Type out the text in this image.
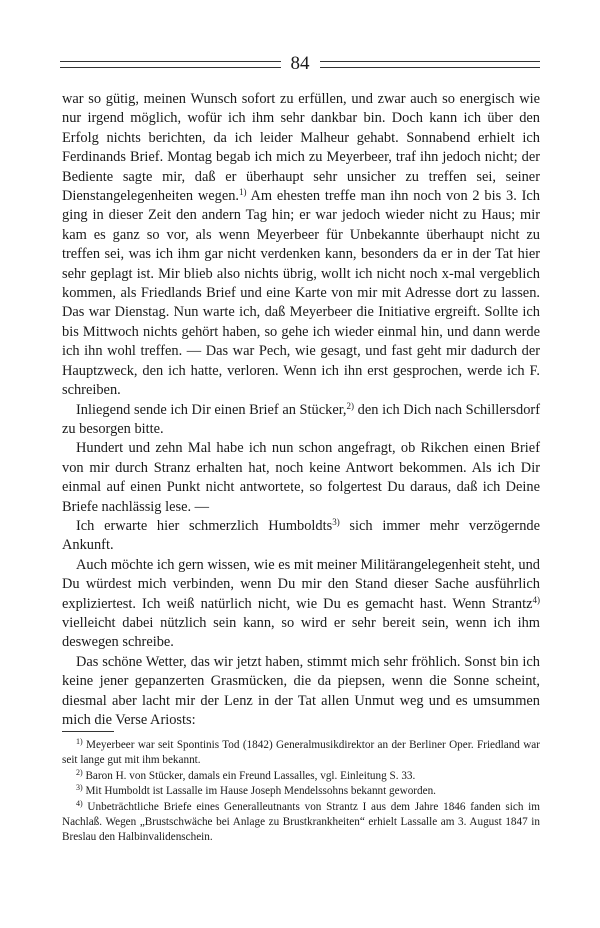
84

war so gütig, meinen Wunsch sofort zu erfüllen, und zwar auch so energisch wie nur irgend möglich, wofür ich ihm sehr dankbar bin. Doch kann ich über den Erfolg nichts berichten, da ich leider Malheur gehabt. Sonnabend erhielt ich Ferdinands Brief. Montag begab ich mich zu Meyerbeer, traf ihn jedoch nicht; der Bediente sagte mir, daß er überhaupt sehr unsicher zu treffen sei, seiner Dienstangelegenheiten wegen.$^{1)}$ Am ehesten treffe man ihn noch von 2 bis 3. Ich ging in dieser Zeit den andern Tag hin; er war jedoch wieder nicht zu Haus; mir kam es ganz so vor, als wenn Meyerbeer für Unbekannte überhaupt nicht zu treffen sei, was ich ihm gar nicht verdenken kann, besonders da er in der Tat hier sehr geplagt ist. Mir blieb also nichts übrig, wollt ich nicht noch x-mal vergeblich kommen, als Friedlands Brief und eine Karte von mir mit Adresse dort zu lassen. Das war Dienstag. Nun warte ich, daß Meyerbeer die Initiative ergreift. Sollte ich bis Mittwoch nichts gehört haben, so gehe ich wieder einmal hin, und dann werde ich ihn wohl treffen. — Das war Pech, wie gesagt, und fast geht mir dadurch der Hauptzweck, den ich hatte, verloren. Wenn ich ihn erst gesprochen, werde ich F. schreiben.

Inliegend sende ich Dir einen Brief an Stücker,$^{2)}$ den ich Dich nach Schillersdorf zu besorgen bitte.

Hundert und zehn Mal habe ich nun schon angefragt, ob Rikchen einen Brief von mir durch Stranz erhalten hat, noch keine Antwort bekommen. Als ich Dir einmal auf einen Punkt nicht antwortete, so folgertest Du daraus, daß ich Deine Briefe nachlässig lese. —

Ich erwarte hier schmerzlich Humboldts$^{3)}$ sich immer mehr verzögernde Ankunft.

Auch möchte ich gern wissen, wie es mit meiner Militärangelegenheit steht, und Du würdest mich verbinden, wenn Du mir den Stand dieser Sache ausführlich expliziertest. Ich weiß natürlich nicht, wie Du es gemacht hast. Wenn Strantz$^{4)}$ vielleicht dabei nützlich sein kann, so wird er sehr bereit sein, wenn ich ihm deswegen schreibe.

Das schöne Wetter, das wir jetzt haben, stimmt mich sehr fröhlich. Sonst bin ich keine jener gepanzerten Grasmücken, die da piepsen, wenn die Sonne scheint, diesmal aber lacht mir der Lenz in der Tat allen Unmut weg und es umsummen mich die Verse Ariosts:

$^{1)}$ Meyerbeer war seit Spontinis Tod (1842) Generalmusikdirektor an der Berliner Oper. Friedland war seit lange gut mit ihm bekannt.

$^{2)}$ Baron H. von Stücker, damals ein Freund Lassalles, vgl. Einleitung S. 33.

$^{3)}$ Mit Humboldt ist Lassalle im Hause Joseph Mendelssohns bekannt geworden.

$^{4)}$ Unbeträchtliche Briefe eines Generalleutnants von Strantz I aus dem Jahre 1846 fanden sich im Nachlaß. Wegen „Brustschwäche bei Anlage zu Brustkrankheiten“ erhielt Lassalle am 3. August 1847 in Breslau den Halbinvalidenschein.
